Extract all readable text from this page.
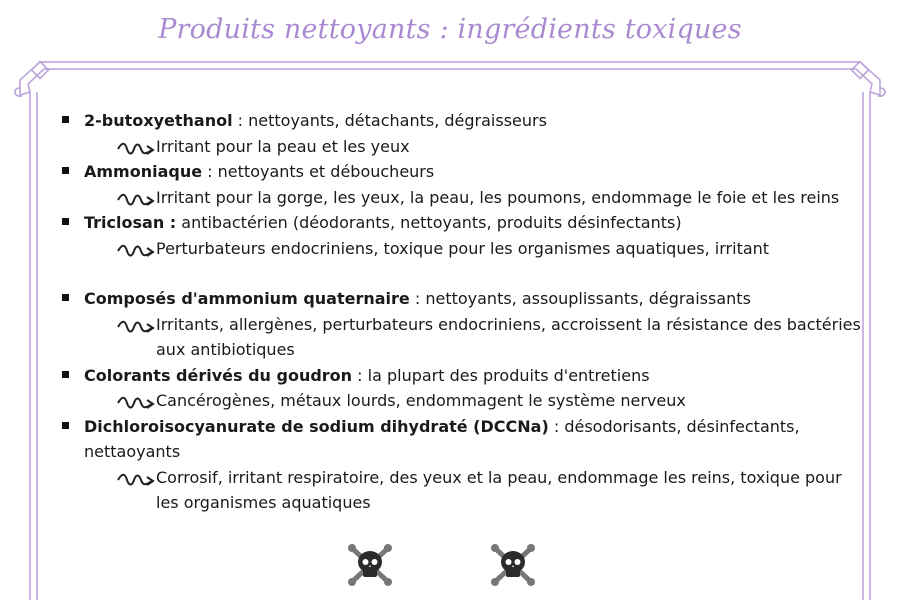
Produits nettoyants : ingrédients toxiques
2-butoxyethanol : nettoyants, détachants, dégraisseurs
Irritant pour la peau et les yeux
Ammoniaque : nettoyants et déboucheurs
Irritant pour la gorge, les yeux, la peau, les poumons, endommage le foie et les reins
Triclosan : antibactérien (déodorants, nettoyants, produits désinfectants)
Perturbateurs endocriniens, toxique pour les organismes aquatiques, irritant
Composés d'ammonium quaternaire : nettoyants, assouplissants, dégraissants
Irritants, allergènes, perturbateurs endocriniens, accroissent la résistance des bactéries aux antibiotiques
Colorants dérivés du goudron : la plupart des produits d'entretiens
Cancérogènes, métaux lourds, endommagent le système nerveux
Dichloroisocyanurate de sodium dihydraté (DCCNa) : désodorisants, désinfectants, nettaoyants
Corrosif, irritant respiratoire, des yeux et la peau, endommage les reins, toxique pour les organismes aquatiques
